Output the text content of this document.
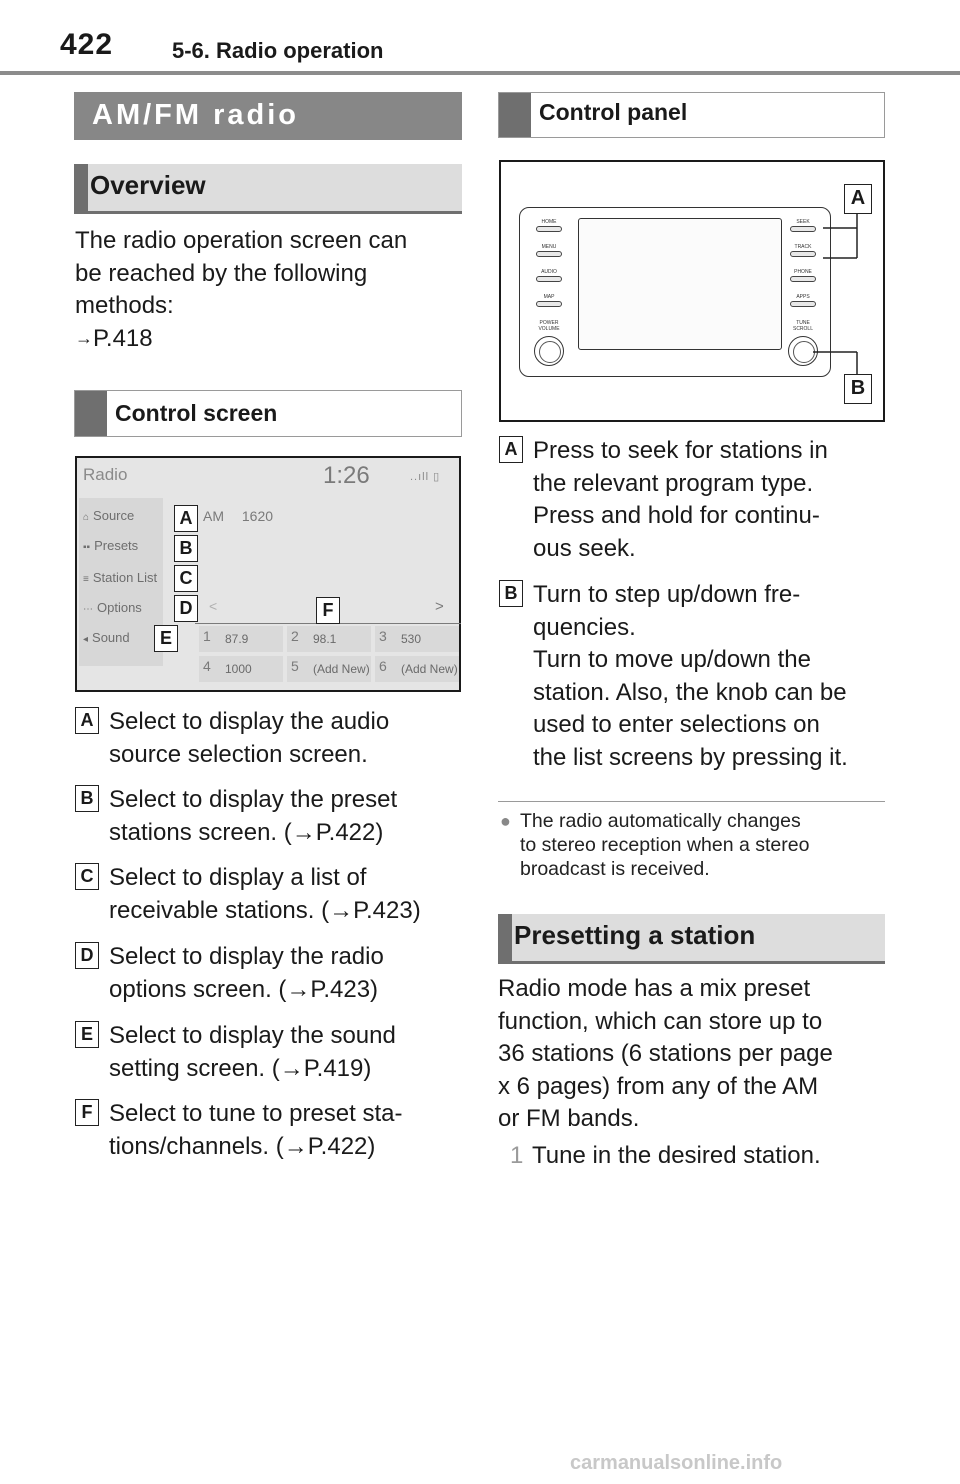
422	5-6. Radio operation
AM/FM radio
Overview
The radio operation screen can
be reached by the following
methods:
→P.418
Control screen
Radio	1:26	..ıll ▯
⌂ Source
▪▪ Presets
≡ Station List
⋯ Options
◂ Sound
AM 1620
<	>
1 87.9	2 98.1	3 530
4 1000	5 (Add New) 6 (Add New)
A
B
C
D
E
F
A Select to display the audio
source selection screen.
B Select to display the preset
stations screen. (→P.422)
C Select to display a list of
receivable stations. (→P.423)
D Select to display the radio
options screen. (→P.423)
E Select to display the sound
setting screen. (→P.419)
F Select to tune to preset sta-
tions/channels. (→P.422)
Control panel
HOME
MENU
AUDIO
MAP
POWER VOLUME
SEEK
TRACK
PHONE
APPS
TUNE SCROLL
A
B
A Press to seek for stations in
the relevant program type.
Press and hold for continu-
ous seek.
B Turn to step up/down fre-
quencies.
Turn to move up/down the
station. Also, the knob can be
used to enter selections on
the list screens by pressing it.
● The radio automatically changes
to stereo reception when a stereo
broadcast is received.
Presetting a station
Radio mode has a mix preset
function, which can store up to
36 stations (6 stations per page
x 6 pages) from any of the AM
or FM bands.
1 Tune in the desired station.
carmanualsonline.info
